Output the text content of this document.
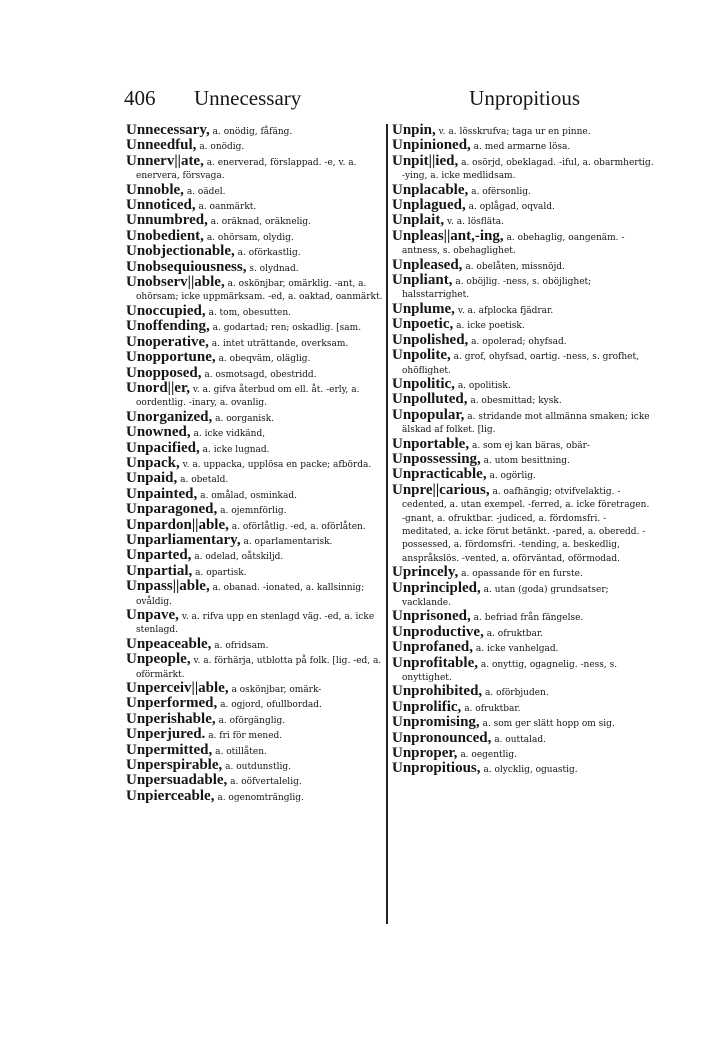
406 Unnecessary	Unpropitious

Unnecessary, a. onödig, fåfäng.

Unneedful, a. onödig.

Unnerv||ate, a. enerverad, förslappad. -e, v. a. enervera, försvaga.

Unnoble, a. oädel.

Unnoticed, a. oanmärkt.

Unnumbred, a. oräknad, oräknelig.

Unobedient, a. ohörsam, olydig.

Unobjectionable, a. oförkastlig.

Unobsequiousness, s. olydnad.

Unobserv||able, a. oskönjbar, omärklig. -ant, a. ohörsam; icke uppmärksam. -ed, a. oaktad, oanmärkt.

Unoccupied, a. tom, obesutten.

Unoffending, a. godartad; ren; oskadlig. [sam.

Unoperative, a. intet uträttande, overksam.

Unopportune, a. obeqväm, oläglig.

Unopposed, a. osmotsagd, obestridd.

Unord||er, v. a. gifva återbud om ell. åt. -erly, a. oordentlig. -inary, a. ovanlig.

Unorganized, a. oorganisk.

Unowned, a. icke vidkänd,

Unpacified, a. icke lugnad.

Unpack, v. a. uppacka, upplösa en packe; afbörda.

Unpaid, a. obetald.

Unpainted, a. omålad, osminkad.

Unparagoned, a. ojemnförlig.

Unpardon||able, a. oförlåtlig. -ed, a. oförlåten.

Unparliamentary, a. oparlamentarisk.

Unparted, a. odelad, oåtskiljd.

Unpartial, a. opartisk.

Unpass||able, a. obanad. -ionated, a. kallsinnig; ovåldig.

Unpave, v. a. rifva upp en stenlagd väg. -ed, a. icke stenlagd.

Unpeaceable, a. ofridsam.

Unpeople, v. a. förhärja, utblotta på folk. [lig. -ed, a. oförmärkt.

Unperceiv||able, a oskönjbar, omärk-

Unperformed, a. ogjord, ofullbordad.

Unperishable, a. oförgänglig.

Unperjured. a. fri för mened.

Unpermitted, a. otillåten.

Unperspirable, a. outdunstlig.

Unpersuadable, a. oöfvertalelig.

Unpierceable, a. ogenomtränglig.

Unpin, v. a. lösskrufva; taga ur en pinne.

Unpinioned, a. med armarne lösa.

Unpit||ied, a. osörjd, obeklagad. -iful, a. obarmhertig. -ying, a. icke medlidsam.

Unplacable, a. ofërsonlig.

Unplagued, a. oplågad, oqvald.

Unplait, v. a. lösfläta.

Unpleas||ant,-ing, a. obehaglig, oangenäm. -antness, s. obehaglighet.

Unpleased, a. obelåten, missnöjd.

Unpliant, a. oböjlig. -ness, s. oböjlighet; halsstarrighet.

Unplume, v. a. afplocka fjädrar.

Unpoetic, a. icke poetisk.

Unpolished, a. opolerad; ohyfsad.

Unpolite, a. grof, ohyfsad, oartig. -ness, s. grofhet, ohöflighet.

Unpolitic, a. opolitisk.

Unpolluted, a. obesmittad; kysk.

Unpopular, a. stridande mot allmänna smaken; icke älskad af folket. [lig.

Unportable, a. som ej kan bäras, obär-

Unpossessing, a. utom besittning.

Unpracticable, a. ogörlig.

Unpre||carious, a. oafhängig; otvifvelaktig. -cedented, a. utan exempel. -ferred, a. icke företragen. -gnant, a. ofruktbar. -judiced, a. fördomsfri. -meditated, a. icke förut betänkt. -pared, a. oberedd. -possessed, a. fördomsfri. -tending, a. beskedlig, anspråkslös. -vented, a. oförväntad, oförmodad.

Uprincely, a. opassande för en furste.

Unprincipled, a. utan (goda) grundsatser; vacklande.

Unprisoned, a. befriad från fängelse.

Unproductive, a. ofruktbar.

Unprofaned, a. icke vanhelgad.

Unprofitable, a. onyttig, ogagnelig. -ness, s. onyttighet.

Unprohibited, a. oförbjuden.

Unprolific, a. ofruktbar.

Unpromising, a. som ger slätt hopp om sig.

Unpronounced, a. outtalad.

Unproper, a. oegentlig.

Unpropitious, a. olycklig, oguastig.
